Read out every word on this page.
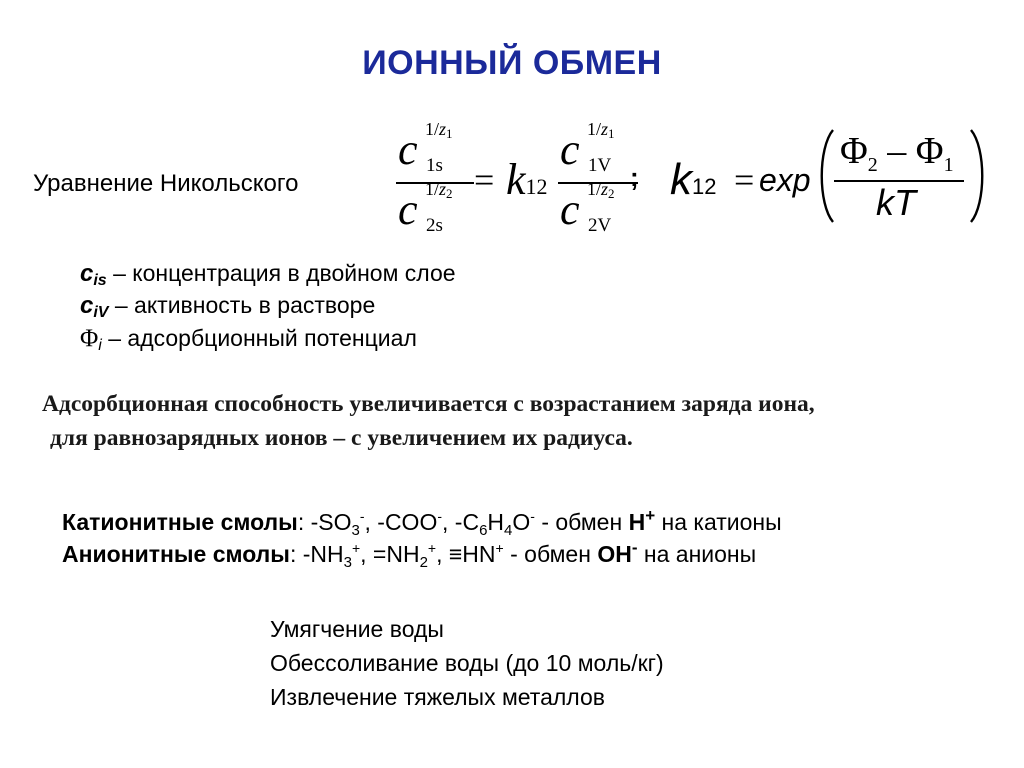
ИОННЫЙ ОБМЕН
Уравнение Никольского
c $1/z_1$
1s
c $1/z_2$
2s
= k12
c $1/z_1$
1V
c $1/z_2$
2V
; k12 = exp
$\Phi_2 - \Phi_1$
kT
$c_{is}$ – концентрация в двойном слое
$c_{iV}$ – активность в растворе
$\Phi_i$ – адсорбционный потенциал
Адсорбционная способность увеличивается с возрастанием заряда иона,
для равнозарядных ионов – с увеличением их радиуса.
Катионитные смолы: $-SO_3^-$, -COO-, $-C_6H_4O^-$ - обмен H+ на катионы
Анионитные смолы: $-NH_3^+$, $=NH_2^+$, ≡HN+ - обмен OH- на анионы
Умягчение воды
Обессоливание воды (до 10 моль/кг)
Извлечение тяжелых металлов
